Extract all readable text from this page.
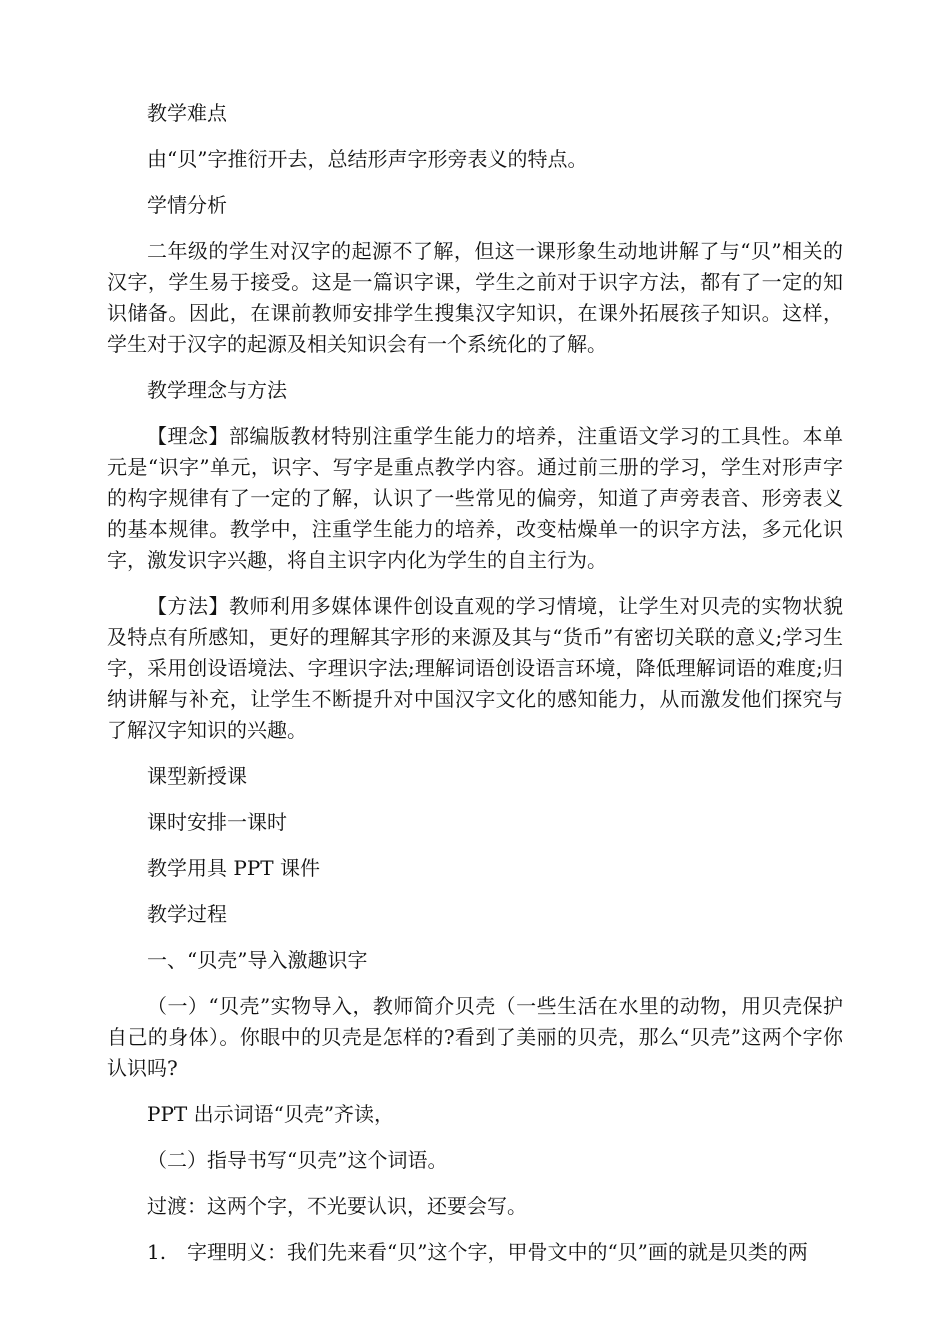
教学难点

由“贝”字推衍开去，总结形声字形旁表义的特点。

学情分析

二年级的学生对汉字的起源不了解，但这一课形象生动地讲解了与“贝”相关的汉字，学生易于接受。这是一篇识字课，学生之前对于识字方法，都有了一定的知识储备。因此，在课前教师安排学生搜集汉字知识，在课外拓展孩子知识。这样，学生对于汉字的起源及相关知识会有一个系统化的了解。

教学理念与方法

【理念】部编版教材特别注重学生能力的培养，注重语文学习的工具性。本单元是“识字”单元，识字、写字是重点教学内容。通过前三册的学习，学生对形声字的构字规律有了一定的了解，认识了一些常见的偏旁，知道了声旁表音、形旁表义的基本规律。教学中，注重学生能力的培养，改变枯燥单一的识字方法，多元化识字，激发识字兴趣，将自主识字内化为学生的自主行为。

【方法】教师利用多媒体课件创设直观的学习情境，让学生对贝壳的实物状貌及特点有所感知，更好的理解其字形的来源及其与“货币”有密切关联的意义;学习生字，采用创设语境法、字理识字法;理解词语创设语言环境，降低理解词语的难度;归纳讲解与补充，让学生不断提升对中国汉字文化的感知能力，从而激发他们探究与了解汉字知识的兴趣。

课型新授课

课时安排一课时

教学用具 PPT 课件

教学过程

一、“贝壳”导入激趣识字

（一）“贝壳”实物导入，教师简介贝壳（一些生活在水里的动物，用贝壳保护自己的身体）。你眼中的贝壳是怎样的?看到了美丽的贝壳，那么“贝壳”这两个字你认识吗?

PPT 出示词语“贝壳”齐读，

（二）指导书写“贝壳”这个词语。

过渡：这两个字，不光要认识，还要会写。

1. 字理明义：我们先来看“贝”这个字，甲骨文中的“贝”画的就是贝类的两
